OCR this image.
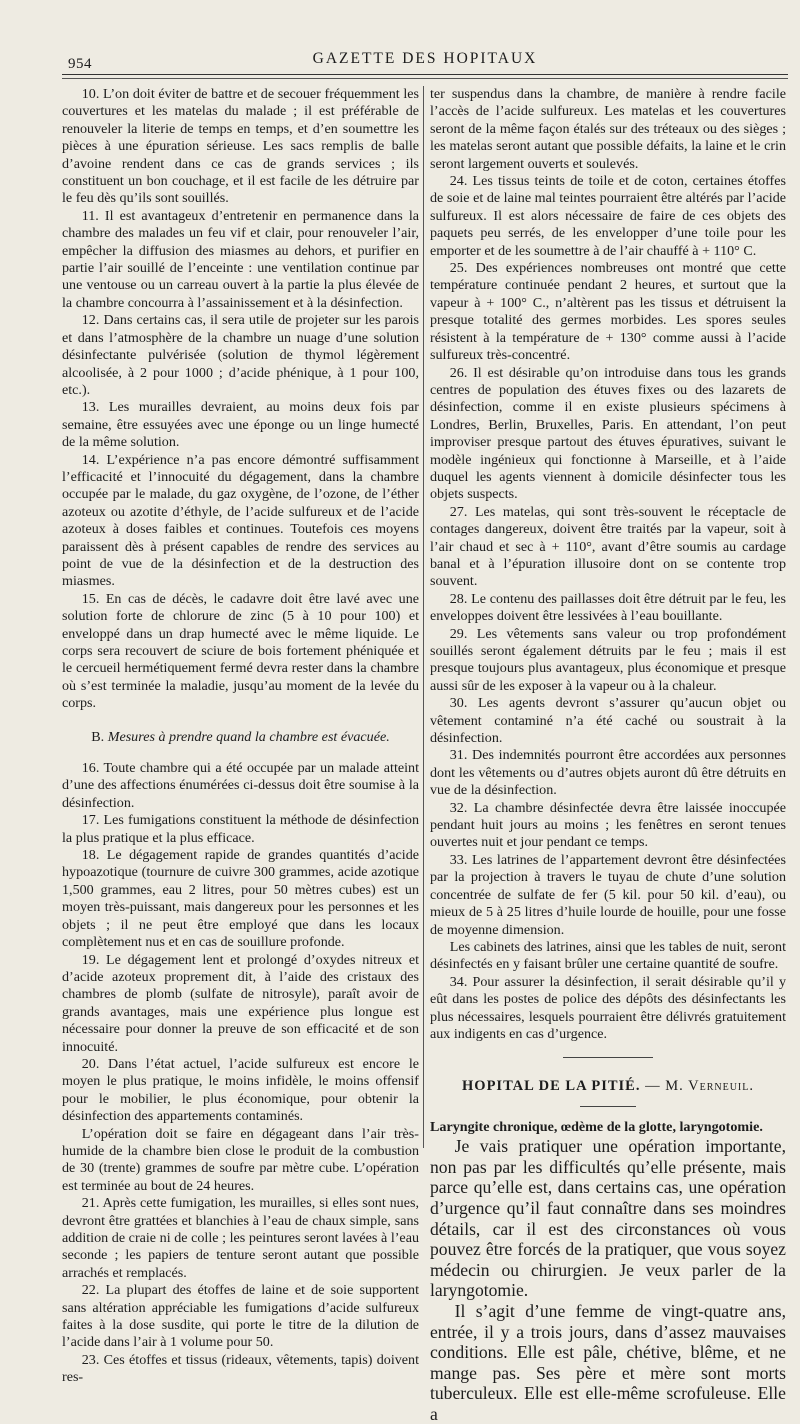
954	GAZETTE DES HOPITAUX

10. L’on doit éviter de battre et de secouer fréquemment les couvertures et les matelas du malade ; il est préférable de renouveler la literie de temps en temps, et d’en soumettre les pièces à une épuration sérieuse. Les sacs remplis de balle d’avoine rendent dans ce cas de grands services ; ils constituent un bon couchage, et il est facile de les détruire par le feu dès qu’ils sont souillés.

11. Il est avantageux d’entretenir en permanence dans la chambre des malades un feu vif et clair, pour renouveler l’air, empêcher la diffusion des miasmes au dehors, et purifier en partie l’air souillé de l’enceinte : une ventilation continue par une ventouse ou un carreau ouvert à la partie la plus élevée de la chambre concourra à l’assainissement et à la désinfection.

12. Dans certains cas, il sera utile de projeter sur les parois et dans l’atmosphère de la chambre un nuage d’une solution désinfectante pulvérisée (solution de thymol légèrement alcoolisée, à 2 pour 1000 ; d’acide phénique, à 1 pour 100, etc.).

13. Les murailles devraient, au moins deux fois par semaine, être essuyées avec une éponge ou un linge humecté de la même solution.

14. L’expérience n’a pas encore démontré suffisamment l’efficacité et l’innocuité du dégagement, dans la chambre occupée par le malade, du gaz oxygène, de l’ozone, de l’éther azoteux ou azotite d’éthyle, de l’acide sulfureux et de l’acide azoteux à doses faibles et continues. Toutefois ces moyens paraissent dès à présent capables de rendre des services au point de vue de la désinfection et de la destruction des miasmes.

15. En cas de décès, le cadavre doit être lavé avec une solution forte de chlorure de zinc (5 à 10 pour 100) et enveloppé dans un drap humecté avec le même liquide. Le corps sera recouvert de sciure de bois fortement phéniquée et le cercueil hermétiquement fermé devra rester dans la chambre où s’est terminée la maladie, jusqu’au moment de la levée du corps.

B. Mesures à prendre quand la chambre est évacuée.

16. Toute chambre qui a été occupée par un malade atteint d’une des affections énumérées ci-dessus doit être soumise à la désinfection.

17. Les fumigations constituent la méthode de désinfection la plus pratique et la plus efficace.

18. Le dégagement rapide de grandes quantités d’acide hypoazotique (tournure de cuivre 300 grammes, acide azotique 1,500 grammes, eau 2 litres, pour 50 mètres cubes) est un moyen très-puissant, mais dangereux pour les personnes et les objets ; il ne peut être employé que dans les locaux complètement nus et en cas de souillure profonde.

19. Le dégagement lent et prolongé d’oxydes nitreux et d’acide azoteux proprement dit, à l’aide des cristaux des chambres de plomb (sulfate de nitrosyle), paraît avoir de grands avantages, mais une expérience plus longue est nécessaire pour donner la preuve de son efficacité et de son innocuité.

20. Dans l’état actuel, l’acide sulfureux est encore le moyen le plus pratique, le moins infidèle, le moins offensif pour le mobilier, le plus économique, pour obtenir la désinfection des appartements contaminés.

L’opération doit se faire en dégageant dans l’air très-humide de la chambre bien close le produit de la combustion de 30 (trente) grammes de soufre par mètre cube. L’opération est terminée au bout de 24 heures.

21. Après cette fumigation, les murailles, si elles sont nues, devront être grattées et blanchies à l’eau de chaux simple, sans addition de craie ni de colle ; les peintures seront lavées à l’eau seconde ; les papiers de tenture seront autant que possible arrachés et remplacés.

22. La plupart des étoffes de laine et de soie supportent sans altération appréciable les fumigations d’acide sulfureux faites à la dose susdite, qui porte le titre de la dilution de l’acide dans l’air à 1 volume pour 50.

23. Ces étoffes et tissus (rideaux, vêtements, tapis) doivent res-

ter suspendus dans la chambre, de manière à rendre facile l’accès de l’acide sulfureux. Les matelas et les couvertures seront de la même façon étalés sur des tréteaux ou des sièges ; les matelas seront autant que possible défaits, la laine et le crin seront largement ouverts et soulevés.

24. Les tissus teints de toile et de coton, certaines étoffes de soie et de laine mal teintes pourraient être altérés par l’acide sulfureux. Il est alors nécessaire de faire de ces objets des paquets peu serrés, de les envelopper d’une toile pour les emporter et de les soumettre à de l’air chauffé à + 110° C.

25. Des expériences nombreuses ont montré que cette température continuée pendant 2 heures, et surtout que la vapeur à + 100° C., n’altèrent pas les tissus et détruisent la presque totalité des germes morbides. Les spores seules résistent à la température de + 130° comme aussi à l’acide sulfureux très-concentré.

26. Il est désirable qu’on introduise dans tous les grands centres de population des étuves fixes ou des lazarets de désinfection, comme il en existe plusieurs spécimens à Londres, Berlin, Bruxelles, Paris. En attendant, l’on peut improviser presque partout des étuves épuratives, suivant le modèle ingénieux qui fonctionne à Marseille, et à l’aide duquel les agents viennent à domicile désinfecter tous les objets suspects.

27. Les matelas, qui sont très-souvent le réceptacle de contages dangereux, doivent être traités par la vapeur, soit à l’air chaud et sec à + 110°, avant d’être soumis au cardage banal et à l’épuration illusoire dont on se contente trop souvent.

28. Le contenu des paillasses doit être détruit par le feu, les enveloppes doivent être lessivées à l’eau bouillante.

29. Les vêtements sans valeur ou trop profondément souillés seront également détruits par le feu ; mais il est presque toujours plus avantageux, plus économique et presque aussi sûr de les exposer à la vapeur ou à la chaleur.

30. Les agents devront s’assurer qu’aucun objet ou vêtement contaminé n’a été caché ou soustrait à la désinfection.

31. Des indemnités pourront être accordées aux personnes dont les vêtements ou d’autres objets auront dû être détruits en vue de la désinfection.

32. La chambre désinfectée devra être laissée inoccupée pendant huit jours au moins ; les fenêtres en seront tenues ouvertes nuit et jour pendant ce temps.

33. Les latrines de l’appartement devront être désinfectées par la projection à travers le tuyau de chute d’une solution concentrée de sulfate de fer (5 kil. pour 50 kil. d’eau), ou mieux de 5 à 25 litres d’huile lourde de houille, pour une fosse de moyenne dimension.

Les cabinets des latrines, ainsi que les tables de nuit, seront désinfectés en y faisant brûler une certaine quantité de soufre.

34. Pour assurer la désinfection, il serait désirable qu’il y eût dans les postes de police des dépôts des désinfectants les plus nécessaires, lesquels pourraient être délivrés gratuitement aux indigents en cas d’urgence.

HOPITAL DE LA PITIÉ. — M. Verneuil.

Laryngite chronique, œdème de la glotte, laryngotomie.

Je vais pratiquer une opération importante, non pas par les difficultés qu’elle présente, mais parce qu’elle est, dans certains cas, une opération d’urgence qu’il faut connaître dans ses moindres détails, car il est des circonstances où vous pouvez être forcés de la pratiquer, que vous soyez médecin ou chirurgien. Je veux parler de la laryngotomie.

Il s’agit d’une femme de vingt-quatre ans, entrée, il y a trois jours, dans d’assez mauvaises conditions. Elle est pâle, chétive, blême, et ne mange pas. Ses père et mère sont morts tuberculeux. Elle est elle-même scrofuleuse. Elle a
